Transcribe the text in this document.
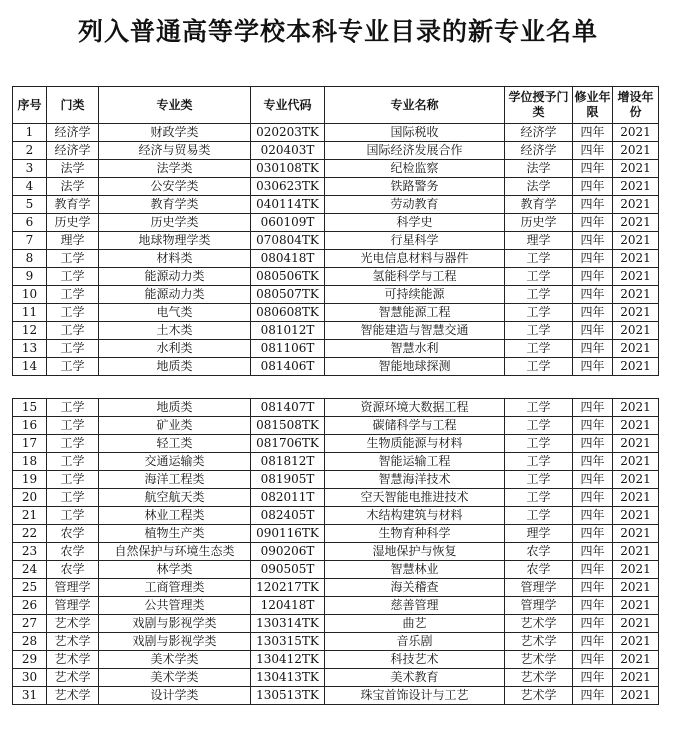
列入普通高等学校本科专业目录的新专业名单
序号	门类	专业类	专业代码	专业名称	学位授予门类	修业年限	增设年份
1	经济学	财政学类	020203TK	国际税收	经济学	四年	2021
2	经济学	经济与贸易类	020403T	国际经济发展合作	经济学	四年	2021
3	法学	法学类	030108TK	纪检监察	法学	四年	2021
4	法学	公安学类	030623TK	铁路警务	法学	四年	2021
5	教育学	教育学类	040114TK	劳动教育	教育学	四年	2021
6	历史学	历史学类	060109T	科学史	历史学	四年	2021
7	理学	地球物理学类	070804TK	行星科学	理学	四年	2021
8	工学	材料类	080418T	光电信息材料与器件	工学	四年	2021
9	工学	能源动力类	080506TK	氢能科学与工程	工学	四年	2021
10	工学	能源动力类	080507TK	可持续能源	工学	四年	2021
11	工学	电气类	080608TK	智慧能源工程	工学	四年	2021
12	工学	土木类	081012T	智能建造与智慧交通	工学	四年	2021
13	工学	水利类	081106T	智慧水利	工学	四年	2021
14	工学	地质类	081406T	智能地球探测	工学	四年	2021
15	工学	地质类	081407T	资源环境大数据工程	工学	四年	2021
16	工学	矿业类	081508TK	碳储科学与工程	工学	四年	2021
17	工学	轻工类	081706TK	生物质能源与材料	工学	四年	2021
18	工学	交通运输类	081812T	智能运输工程	工学	四年	2021
19	工学	海洋工程类	081905T	智慧海洋技术	工学	四年	2021
20	工学	航空航天类	082011T	空天智能电推进技术	工学	四年	2021
21	工学	林业工程类	082405T	木结构建筑与材料	工学	四年	2021
22	农学	植物生产类	090116TK	生物育种科学	理学	四年	2021
23	农学	自然保护与环境生态类	090206T	湿地保护与恢复	农学	四年	2021
24	农学	林学类	090505T	智慧林业	农学	四年	2021
25	管理学	工商管理类	120217TK	海关稽查	管理学	四年	2021
26	管理学	公共管理类	120418T	慈善管理	管理学	四年	2021
27	艺术学	戏剧与影视学类	130314TK	曲艺	艺术学	四年	2021
28	艺术学	戏剧与影视学类	130315TK	音乐剧	艺术学	四年	2021
29	艺术学	美术学类	130412TK	科技艺术	艺术学	四年	2021
30	艺术学	美术学类	130413TK	美术教育	艺术学	四年	2021
31	艺术学	设计学类	130513TK	珠宝首饰设计与工艺	艺术学	四年	2021
